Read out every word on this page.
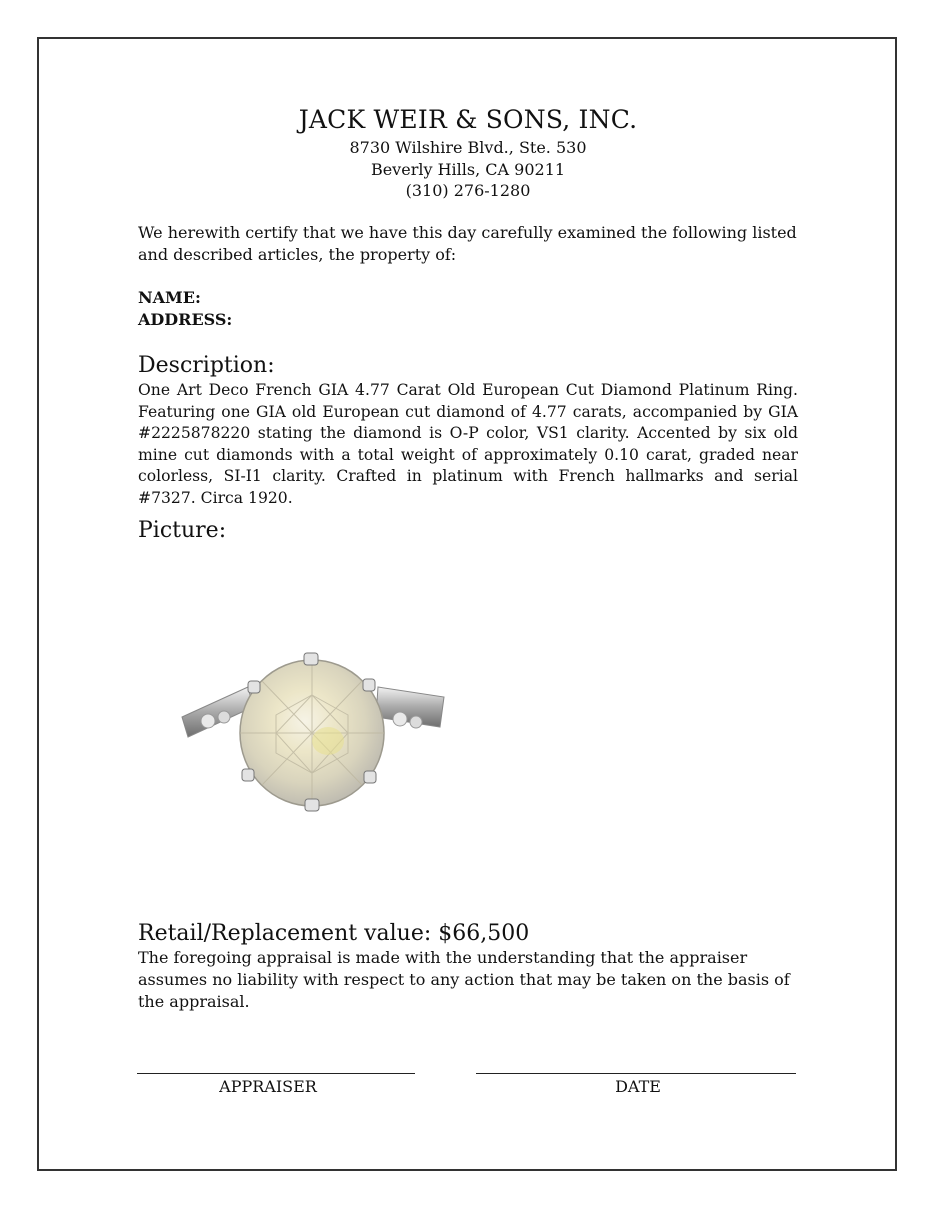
JACK WEIR & SONS, INC.
8730 Wilshire Blvd., Ste. 530
Beverly Hills, CA 90211
(310) 276-1280
We herewith certify that we have this day carefully examined the following listed and described articles, the property of:
NAME:
ADDRESS:
Description:
One Art Deco French GIA 4.77 Carat Old European Cut Diamond Platinum Ring. Featuring one GIA old European cut diamond of 4.77 carats, accompanied by GIA #2225878220 stating the diamond is O-P color, VS1 clarity. Accented by six old mine cut diamonds with a total weight of approximately 0.10 carat, graded near colorless, SI-I1 clarity. Crafted in platinum with French hallmarks and serial #7327. Circa 1920.
Picture:
Retail/Replacement value: $66,500
The foregoing appraisal is made with the understanding that the appraiser assumes no liability with respect to any action that may be taken on the basis of the appraisal.
APPRAISER	DATE
